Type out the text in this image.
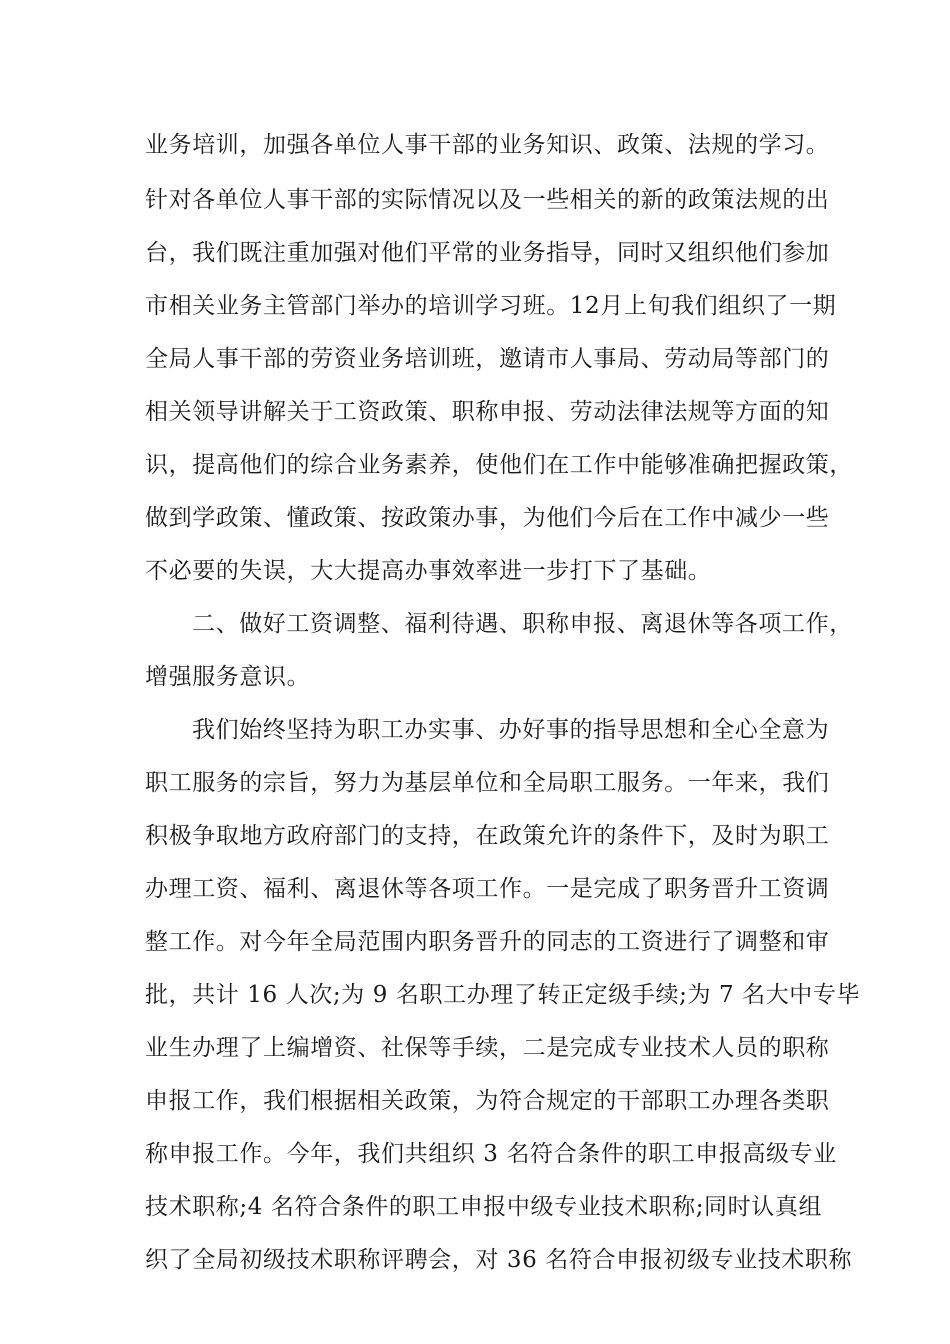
业务培训，加强各单位人事干部的业务知识、政策、法规的学习。
针对各单位人事干部的实际情况以及一些相关的新的政策法规的出
台，我们既注重加强对他们平常的业务指导，同时又组织他们参加
市相关业务主管部门举办的培训学习班。12月上旬我们组织了一期
全局人事干部的劳资业务培训班，邀请市人事局、劳动局等部门的
相关领导讲解关于工资政策、职称申报、劳动法律法规等方面的知
识，提高他们的综合业务素养，使他们在工作中能够准确把握政策，
做到学政策、懂政策、按政策办事，为他们今后在工作中减少一些
不必要的失误，大大提高办事效率进一步打下了基础。
二、做好工资调整、福利待遇、职称申报、离退休等各项工作，
增强服务意识。
我们始终坚持为职工办实事、办好事的指导思想和全心全意为
职工服务的宗旨，努力为基层单位和全局职工服务。一年来，我们
积极争取地方政府部门的支持，在政策允许的条件下，及时为职工
办理工资、福利、离退休等各项工作。一是完成了职务晋升工资调
整工作。对今年全局范围内职务晋升的同志的工资进行了调整和审
批，共计 16 人次;为 9 名职工办理了转正定级手续;为 7 名大中专毕
业生办理了上编增资、社保等手续，二是完成专业技术人员的职称
申报工作，我们根据相关政策，为符合规定的干部职工办理各类职
称申报工作。今年，我们共组织 3 名符合条件的职工申报高级专业
技术职称;4 名符合条件的职工申报中级专业技术职称;同时认真组
织了全局初级技术职称评聘会，对 36 名符合申报初级专业技术职称
